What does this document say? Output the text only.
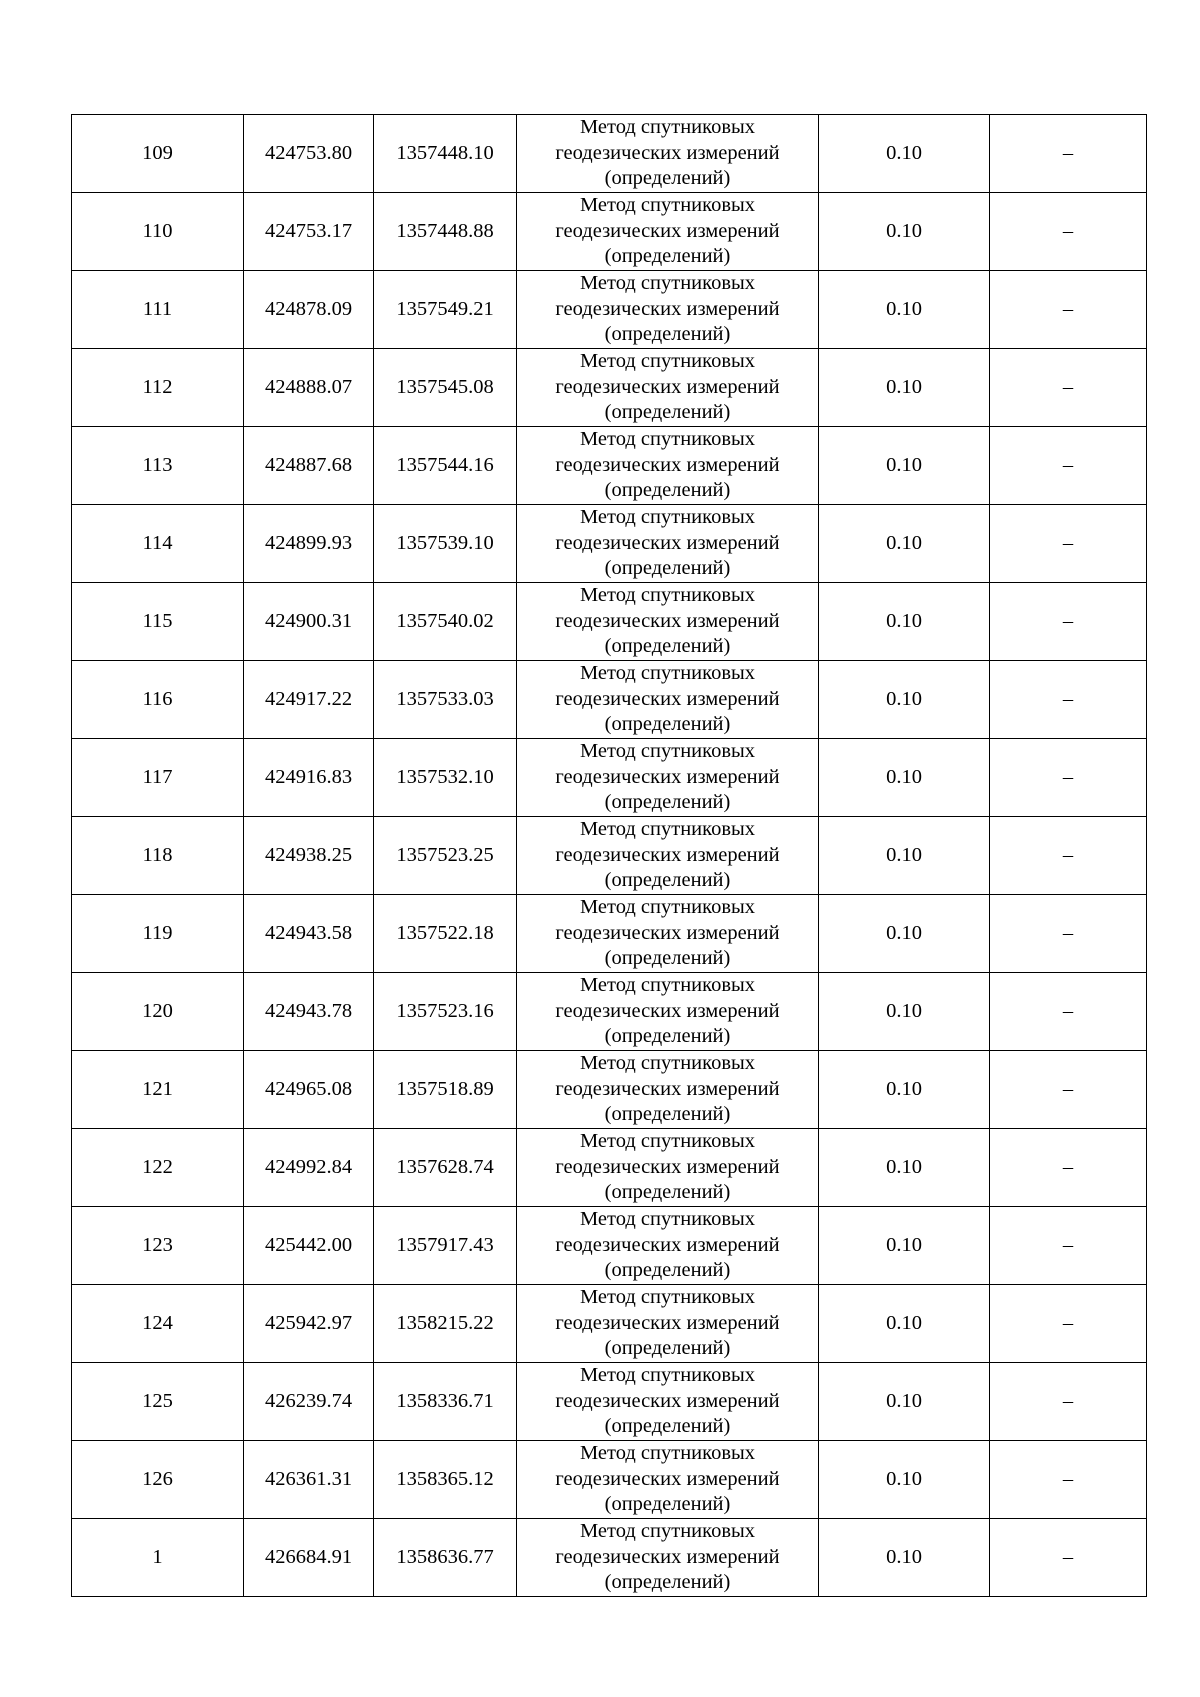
109	424753.80	1357448.10	Метод спутниковых геодезических измерений (определений)	0.10	–
110	424753.17	1357448.88	Метод спутниковых геодезических измерений (определений)	0.10	–
111	424878.09	1357549.21	Метод спутниковых геодезических измерений (определений)	0.10	–
112	424888.07	1357545.08	Метод спутниковых геодезических измерений (определений)	0.10	–
113	424887.68	1357544.16	Метод спутниковых геодезических измерений (определений)	0.10	–
114	424899.93	1357539.10	Метод спутниковых геодезических измерений (определений)	0.10	–
115	424900.31	1357540.02	Метод спутниковых геодезических измерений (определений)	0.10	–
116	424917.22	1357533.03	Метод спутниковых геодезических измерений (определений)	0.10	–
117	424916.83	1357532.10	Метод спутниковых геодезических измерений (определений)	0.10	–
118	424938.25	1357523.25	Метод спутниковых геодезических измерений (определений)	0.10	–
119	424943.58	1357522.18	Метод спутниковых геодезических измерений (определений)	0.10	–
120	424943.78	1357523.16	Метод спутниковых геодезических измерений (определений)	0.10	–
121	424965.08	1357518.89	Метод спутниковых геодезических измерений (определений)	0.10	–
122	424992.84	1357628.74	Метод спутниковых геодезических измерений (определений)	0.10	–
123	425442.00	1357917.43	Метод спутниковых геодезических измерений (определений)	0.10	–
124	425942.97	1358215.22	Метод спутниковых геодезических измерений (определений)	0.10	–
125	426239.74	1358336.71	Метод спутниковых геодезических измерений (определений)	0.10	–
126	426361.31	1358365.12	Метод спутниковых геодезических измерений (определений)	0.10	–
1	426684.91	1358636.77	Метод спутниковых геодезических измерений (определений)	0.10	–
